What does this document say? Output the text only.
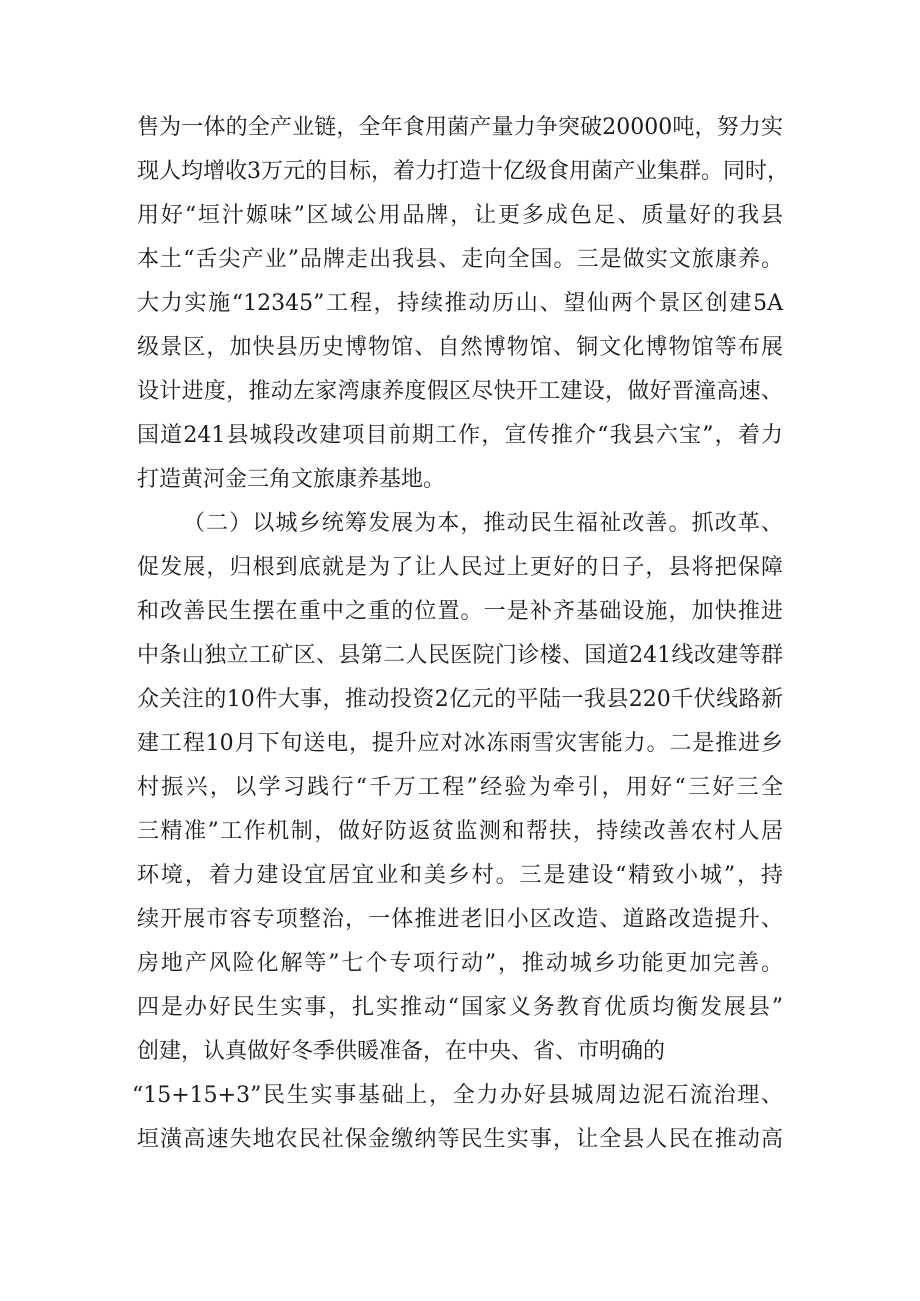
售为一体的全产业链，全年食用菌产量力争突破20000吨，努力实
现人均增收3万元的目标，着力打造十亿级食用菌产业集群。同时，
用好“垣汁嫄味”区域公用品牌，让更多成色足、质量好的我县
本土“舌尖产业”品牌走出我县、走向全国。三是做实文旅康养。
大力实施“12345”工程，持续推动历山、望仙两个景区创建5A
级景区，加快县历史博物馆、自然博物馆、铜文化博物馆等布展
设计进度，推动左家湾康养度假区尽快开工建设，做好晋潼高速、
国道241县城段改建项目前期工作，宣传推介“我县六宝”，着力
打造黄河金三角文旅康养基地。
（二）以城乡统筹发展为本，推动民生福祉改善。抓改革、
促发展，归根到底就是为了让人民过上更好的日子，县将把保障
和改善民生摆在重中之重的位置。一是补齐基础设施，加快推进
中条山独立工矿区、县第二人民医院门诊楼、国道241线改建等群
众关注的10件大事，推动投资2亿元的平陆一我县220千伏线路新
建工程10月下旬送电，提升应对冰冻雨雪灾害能力。二是推进乡
村振兴，以学习践行“千万工程”经验为牵引，用好“三好三全
三精准”工作机制，做好防返贫监测和帮扶，持续改善农村人居
环境，着力建设宜居宜业和美乡村。三是建设“精致小城”，持
续开展市容专项整治，一体推进老旧小区改造、道路改造提升、
房地产风险化解等”七个专项行动”，推动城乡功能更加完善。
四是办好民生实事，扎实推动“国家义务教育优质均衡发展县”
创建，认真做好冬季供暖准备，在中央、省、市明确的
“15+15+3”民生实事基础上，全力办好县城周边泥石流治理、
垣潢高速失地农民社保金缴纳等民生实事，让全县人民在推动高
